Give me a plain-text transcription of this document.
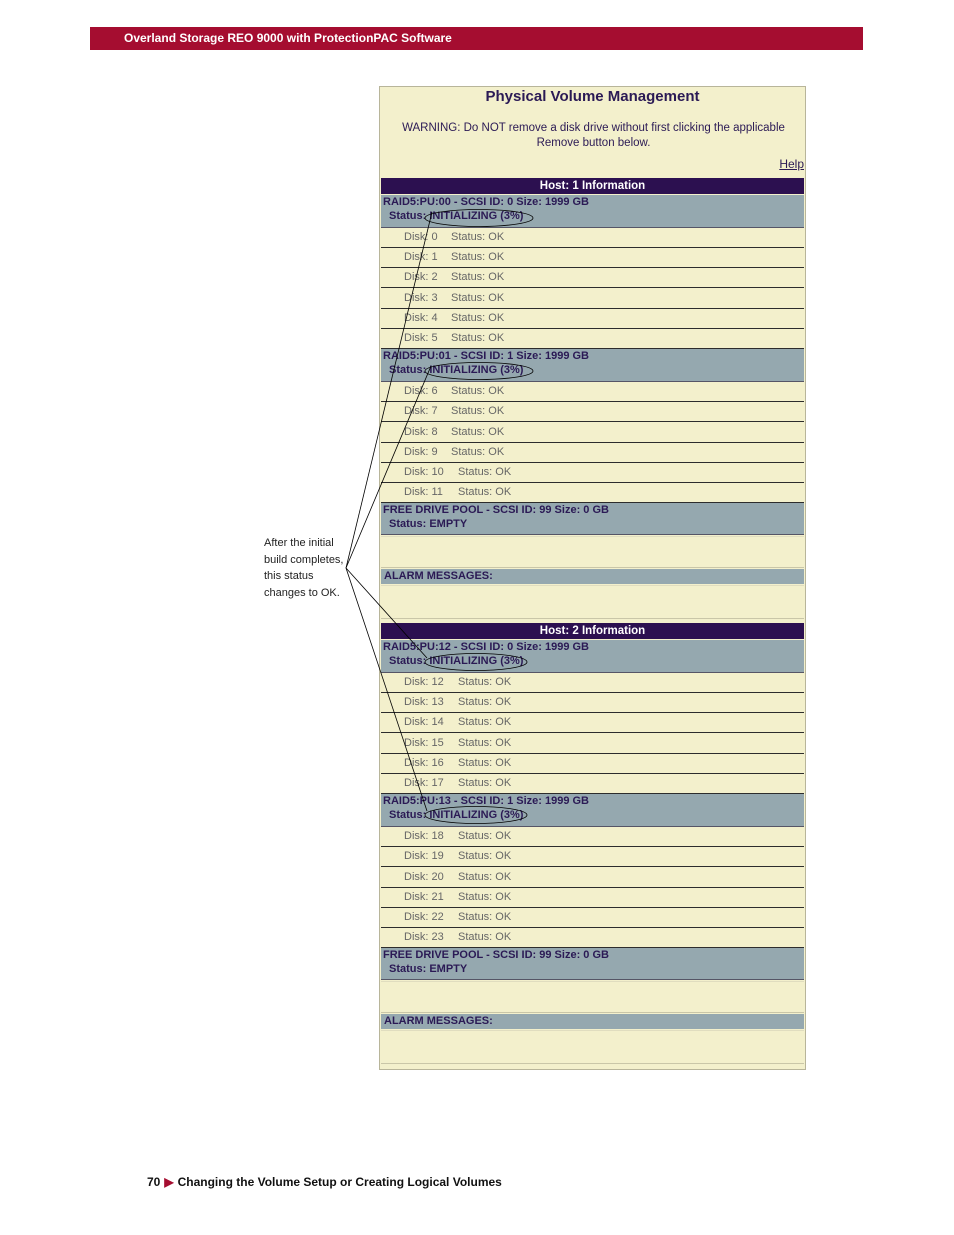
Overland Storage REO 9000 with ProtectionPAC Software
Physical Volume Management
WARNING: Do NOT remove a disk drive without first clicking the applicable Remove button below.
Help
Host: 1 Information
RAID5:PU:00 - SCSI ID: 0 Size: 1999 GB
Status: INITIALIZING (3%)
Disk: 0 Status: OK
Disk: 1 Status: OK
Disk: 2 Status: OK
Disk: 3 Status: OK
Disk: 4 Status: OK
Disk: 5 Status: OK
RAID5:PU:01 - SCSI ID: 1 Size: 1999 GB
Status: INITIALIZING (3%)
Disk: 6 Status: OK
Disk: 7 Status: OK
Disk: 8 Status: OK
Disk: 9 Status: OK
Disk: 10 Status: OK
Disk: 11 Status: OK
FREE DRIVE POOL - SCSI ID: 99 Size: 0 GB
Status: EMPTY
ALARM MESSAGES:
Host: 2 Information
RAID5:PU:12 - SCSI ID: 0 Size: 1999 GB
Status: INITIALIZING (3%)
Disk: 12 Status: OK
Disk: 13 Status: OK
Disk: 14 Status: OK
Disk: 15 Status: OK
Disk: 16 Status: OK
Disk: 17 Status: OK
RAID5:PU:13 - SCSI ID: 1 Size: 1999 GB
Status: INITIALIZING (3%)
Disk: 18 Status: OK
Disk: 19 Status: OK
Disk: 20 Status: OK
Disk: 21 Status: OK
Disk: 22 Status: OK
Disk: 23 Status: OK
FREE DRIVE POOL - SCSI ID: 99 Size: 0 GB
Status: EMPTY
ALARM MESSAGES:
After the initial build completes, this status changes to OK.
70 ▶ Changing the Volume Setup or Creating Logical Volumes
